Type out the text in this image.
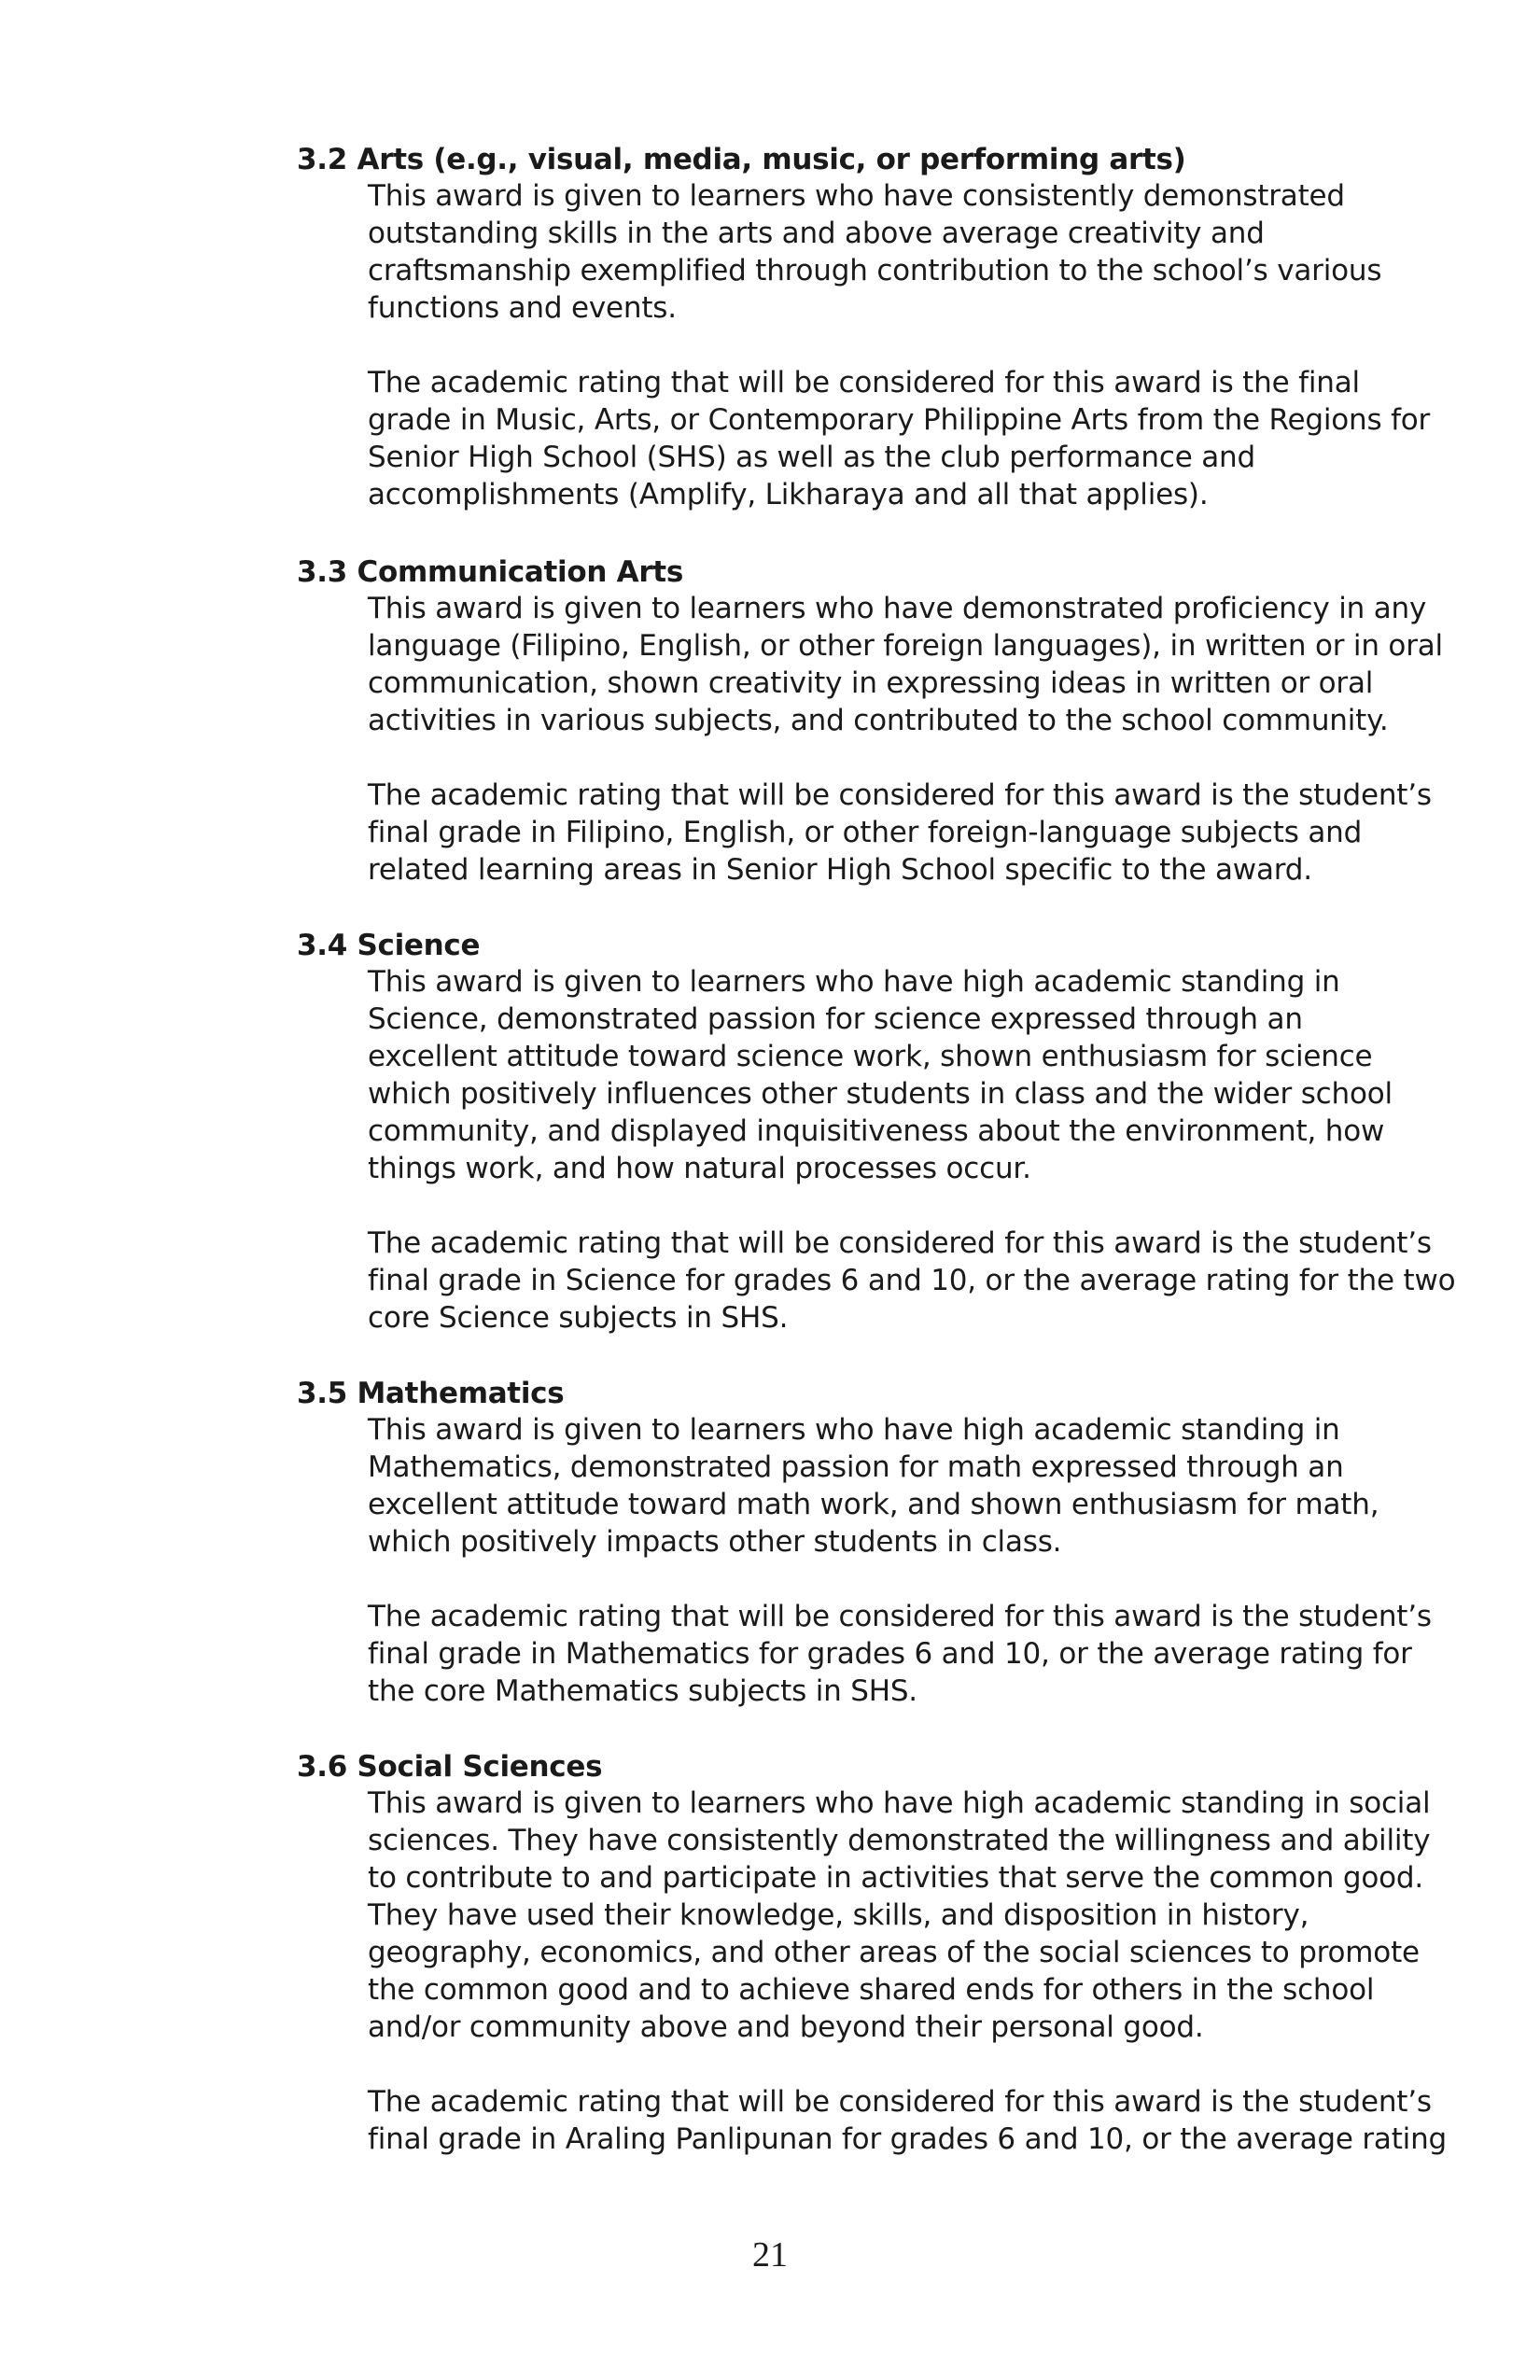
3.2 Arts (e.g., visual, media, music, or performing arts)

This award is given to learners who have consistently demonstrated
outstanding skills in the arts and above average creativity and
craftsmanship exemplified through contribution to the school’s various
functions and events.

The academic rating that will be considered for this award is the final
grade in Music, Arts, or Contemporary Philippine Arts from the Regions for
Senior High School (SHS) as well as the club performance and
accomplishments (Amplify, Likharaya and all that applies).

3.3 Communication Arts

This award is given to learners who have demonstrated proficiency in any
language (Filipino, English, or other foreign languages), in written or in oral
communication, shown creativity in expressing ideas in written or oral
activities in various subjects, and contributed to the school community.

The academic rating that will be considered for this award is the student’s
final grade in Filipino, English, or other foreign-language subjects and
related learning areas in Senior High School specific to the award.

3.4 Science

This award is given to learners who have high academic standing in
Science, demonstrated passion for science expressed through an
excellent attitude toward science work, shown enthusiasm for science
which positively influences other students in class and the wider school
community, and displayed inquisitiveness about the environment, how
things work, and how natural processes occur.

The academic rating that will be considered for this award is the student’s
final grade in Science for grades 6 and 10, or the average rating for the two
core Science subjects in SHS.

3.5 Mathematics

This award is given to learners who have high academic standing in
Mathematics, demonstrated passion for math expressed through an
excellent attitude toward math work, and shown enthusiasm for math,
which positively impacts other students in class.

The academic rating that will be considered for this award is the student’s
final grade in Mathematics for grades 6 and 10, or the average rating for
the core Mathematics subjects in SHS.

3.6 Social Sciences

This award is given to learners who have high academic standing in social
sciences. They have consistently demonstrated the willingness and ability
to contribute to and participate in activities that serve the common good.
They have used their knowledge, skills, and disposition in history,
geography, economics, and other areas of the social sciences to promote
the common good and to achieve shared ends for others in the school
and/or community above and beyond their personal good.

The academic rating that will be considered for this award is the student’s
final grade in Araling Panlipunan for grades 6 and 10, or the average rating

21
